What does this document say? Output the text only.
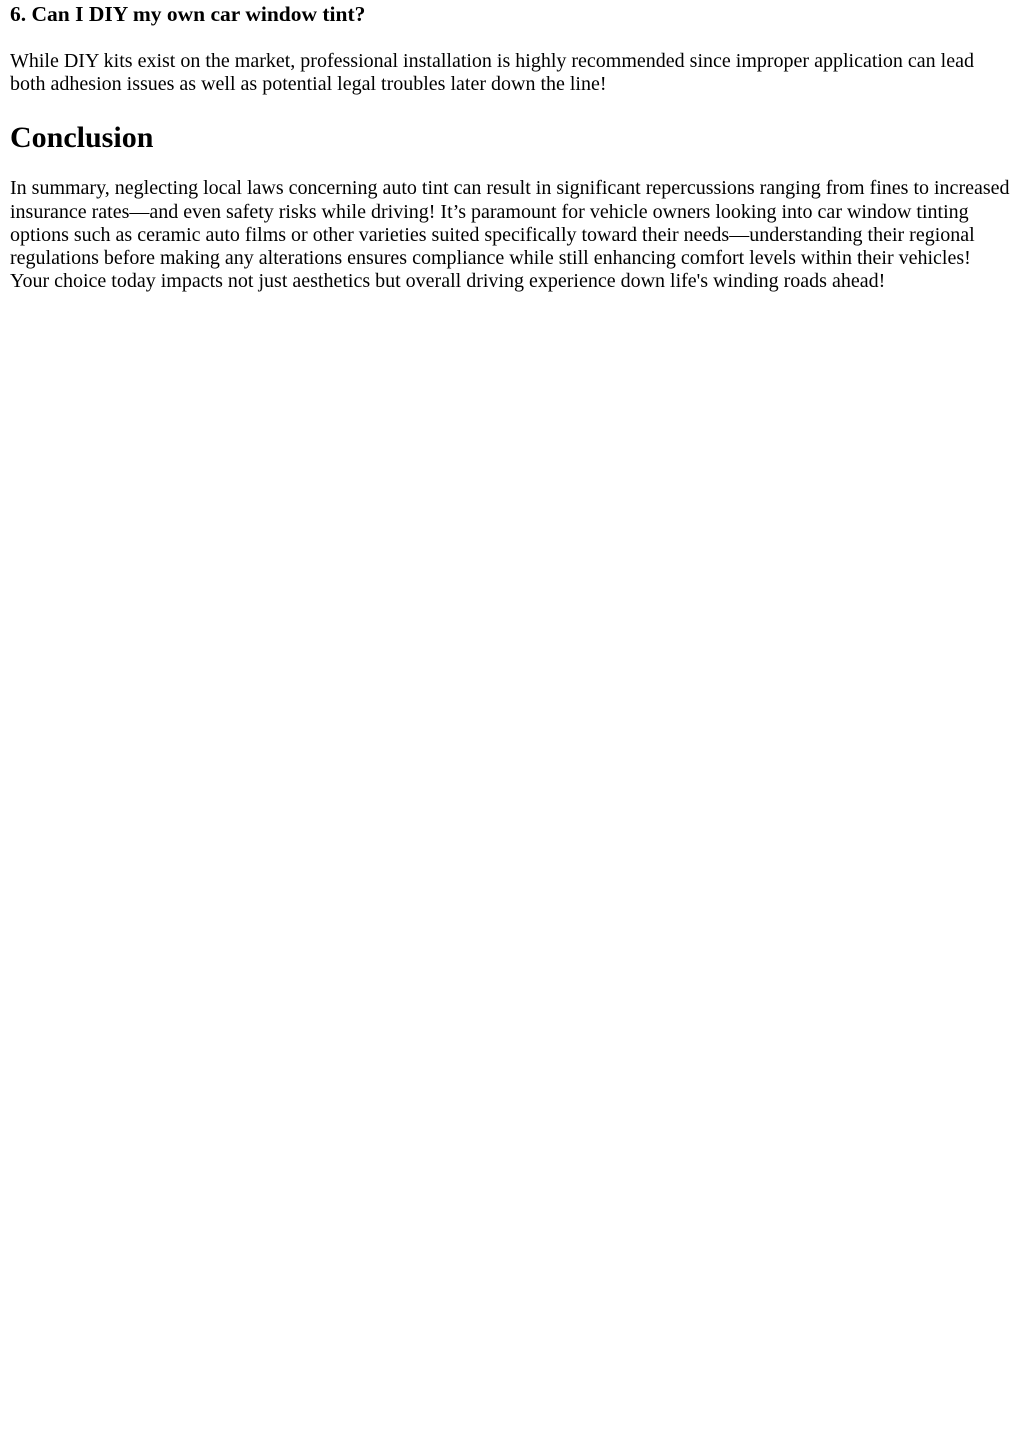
6. Can I DIY my own car window tint?

While DIY kits exist on the market, professional installation is highly recommended since improper application can lead both adhesion issues as well as potential legal troubles later down the line!

Conclusion

In summary, neglecting local laws concerning auto tint can result in significant repercussions ranging from fines to increased insurance rates—and even safety risks while driving! It’s paramount for vehicle owners looking into car window tinting options such as ceramic auto films or other varieties suited specifically toward their needs—understanding their regional regulations before making any alterations ensures compliance while still enhancing comfort levels within their vehicles! Your choice today impacts not just aesthetics but overall driving experience down life's winding roads ahead!
